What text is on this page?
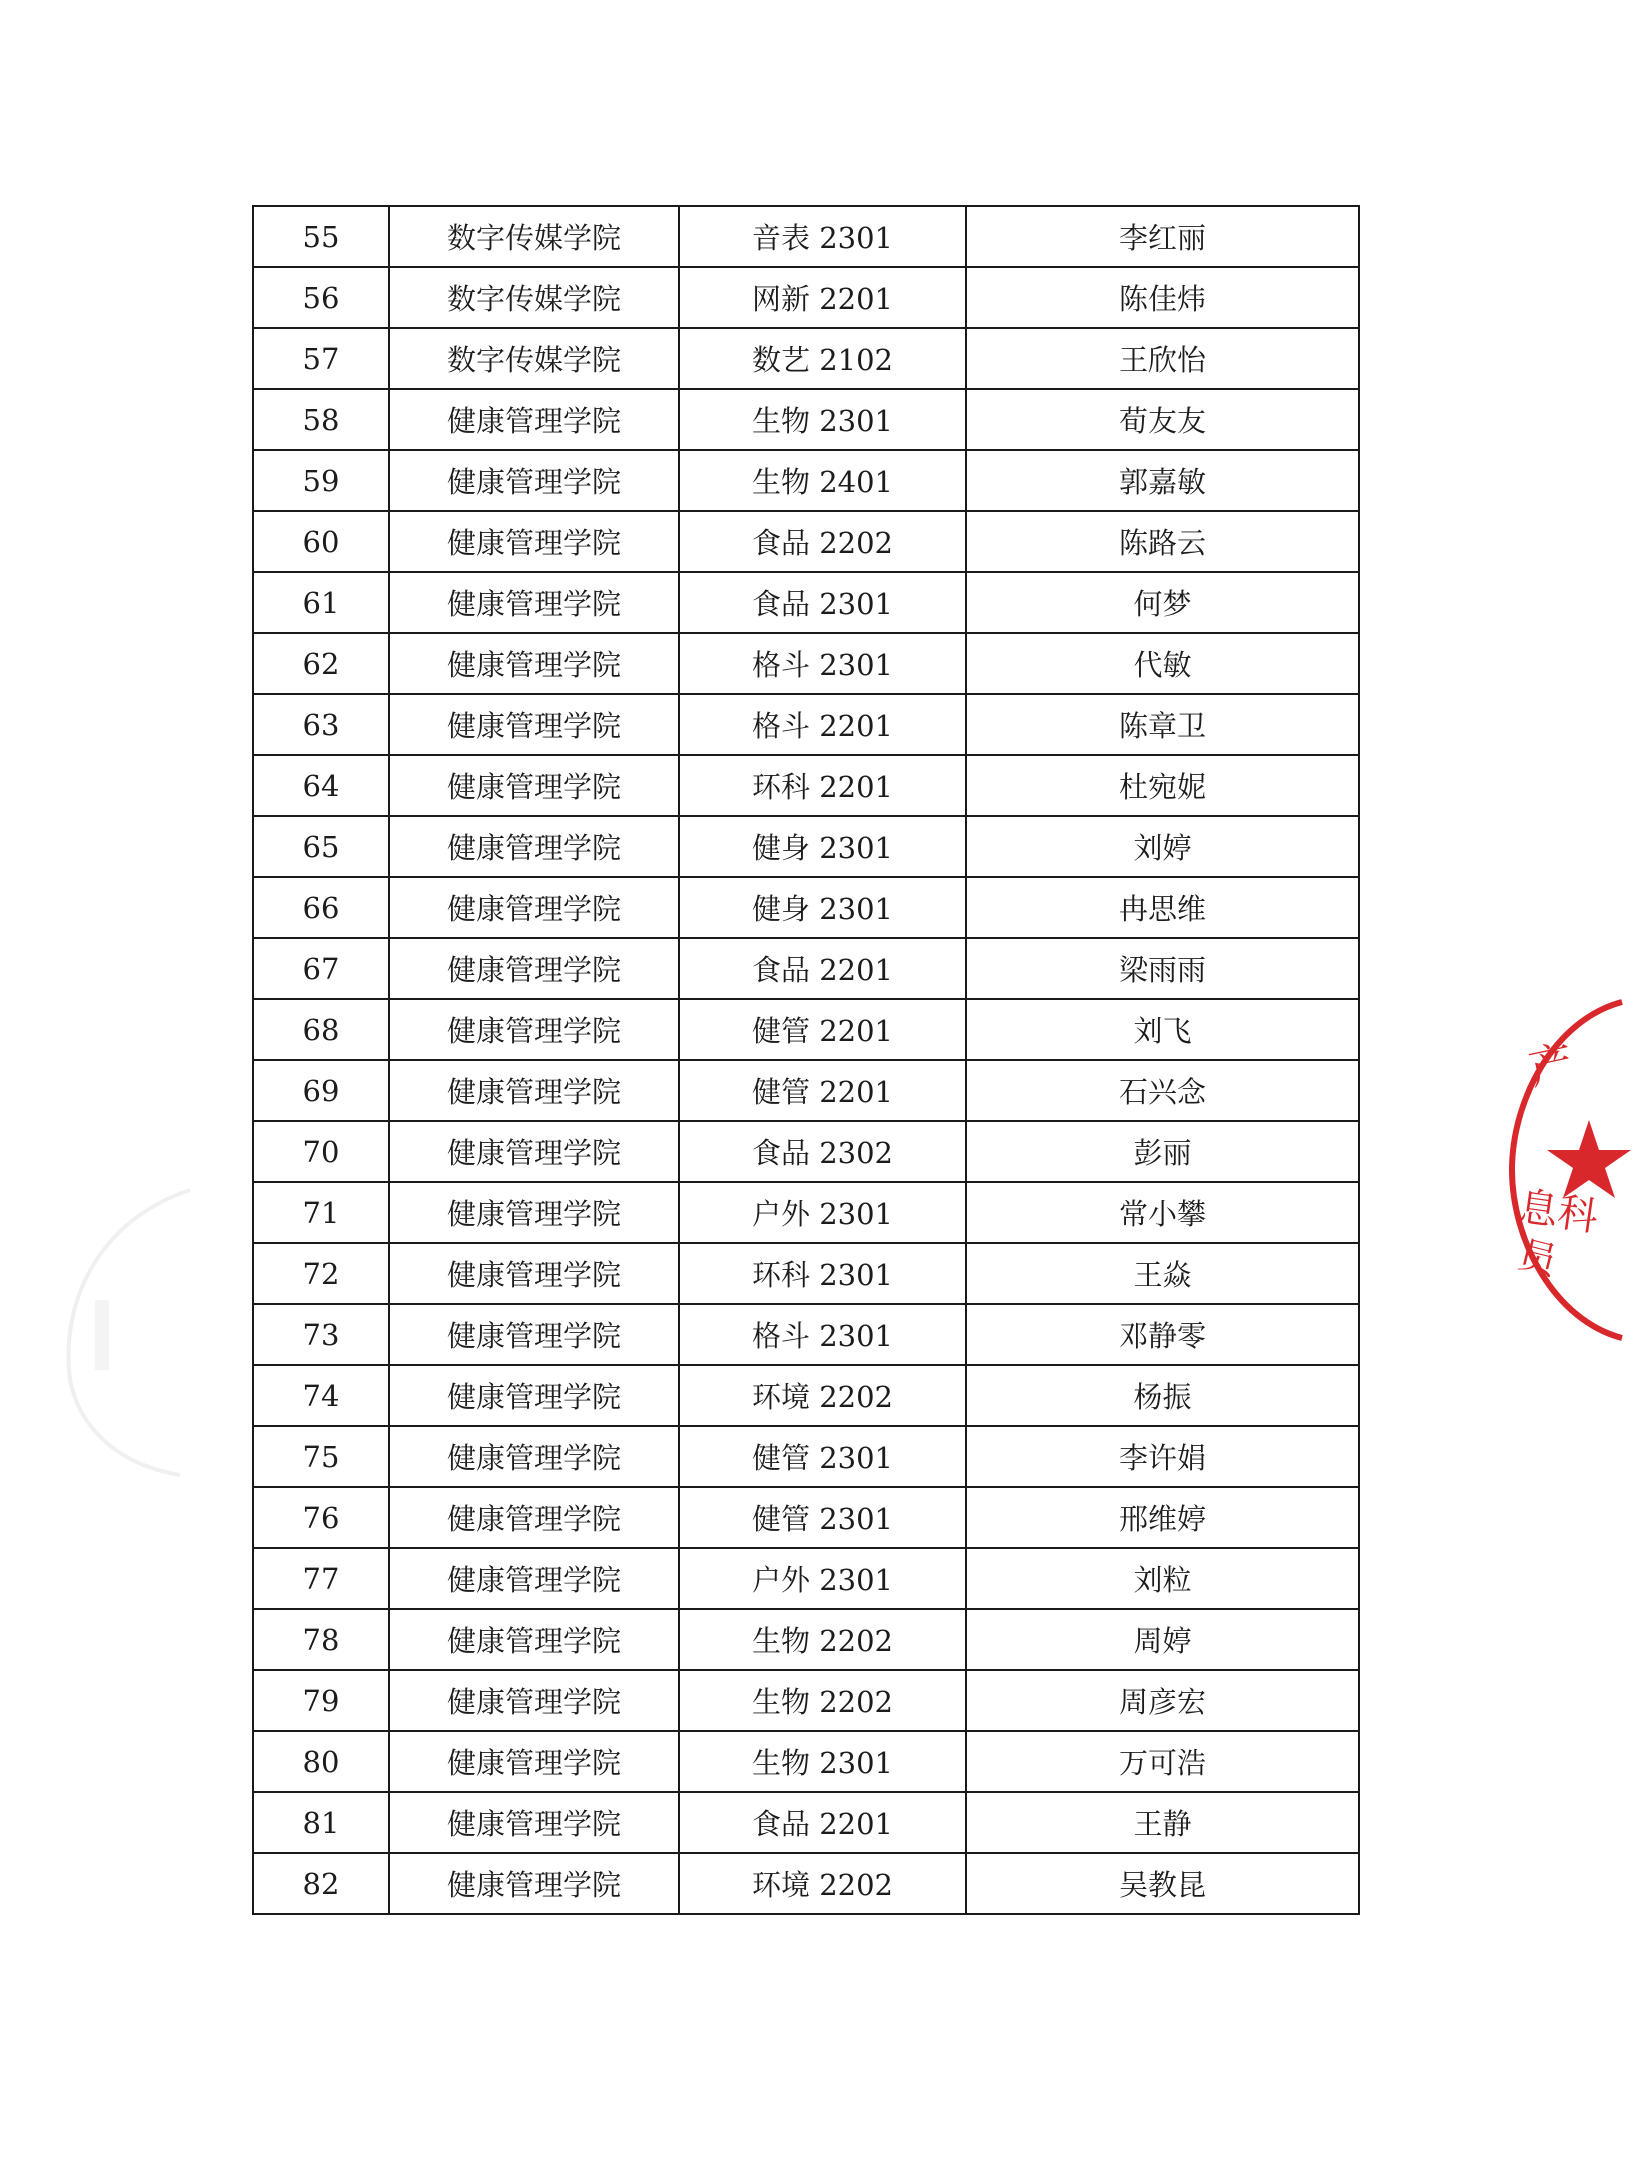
55	数字传媒学院	音表 2301	李红丽
56	数字传媒学院	网新 2201	陈佳炜
57	数字传媒学院	数艺 2102	王欣怡
58	健康管理学院	生物 2301	荀友友
59	健康管理学院	生物 2401	郭嘉敏
60	健康管理学院	食品 2202	陈路云
61	健康管理学院	食品 2301	何梦
62	健康管理学院	格斗 2301	代敏
63	健康管理学院	格斗 2201	陈章卫
64	健康管理学院	环科 2201	杜宛妮
65	健康管理学院	健身 2301	刘婷
66	健康管理学院	健身 2301	冉思维
67	健康管理学院	食品 2201	梁雨雨
68	健康管理学院	健管 2201	刘飞
69	健康管理学院	健管 2201	石兴念
70	健康管理学院	食品 2302	彭丽
71	健康管理学院	户外 2301	常小攀
72	健康管理学院	环科 2301	王焱
73	健康管理学院	格斗 2301	邓静零
74	健康管理学院	环境 2202	杨振
75	健康管理学院	健管 2301	李许娟
76	健康管理学院	健管 2301	邢维婷
77	健康管理学院	户外 2301	刘粒
78	健康管理学院	生物 2202	周婷
79	健康管理学院	生物 2202	周彦宏
80	健康管理学院	生物 2301	万可浩
81	健康管理学院	食品 2201	王静
82	健康管理学院	环境 2202	吴教昆
产
息科
员
